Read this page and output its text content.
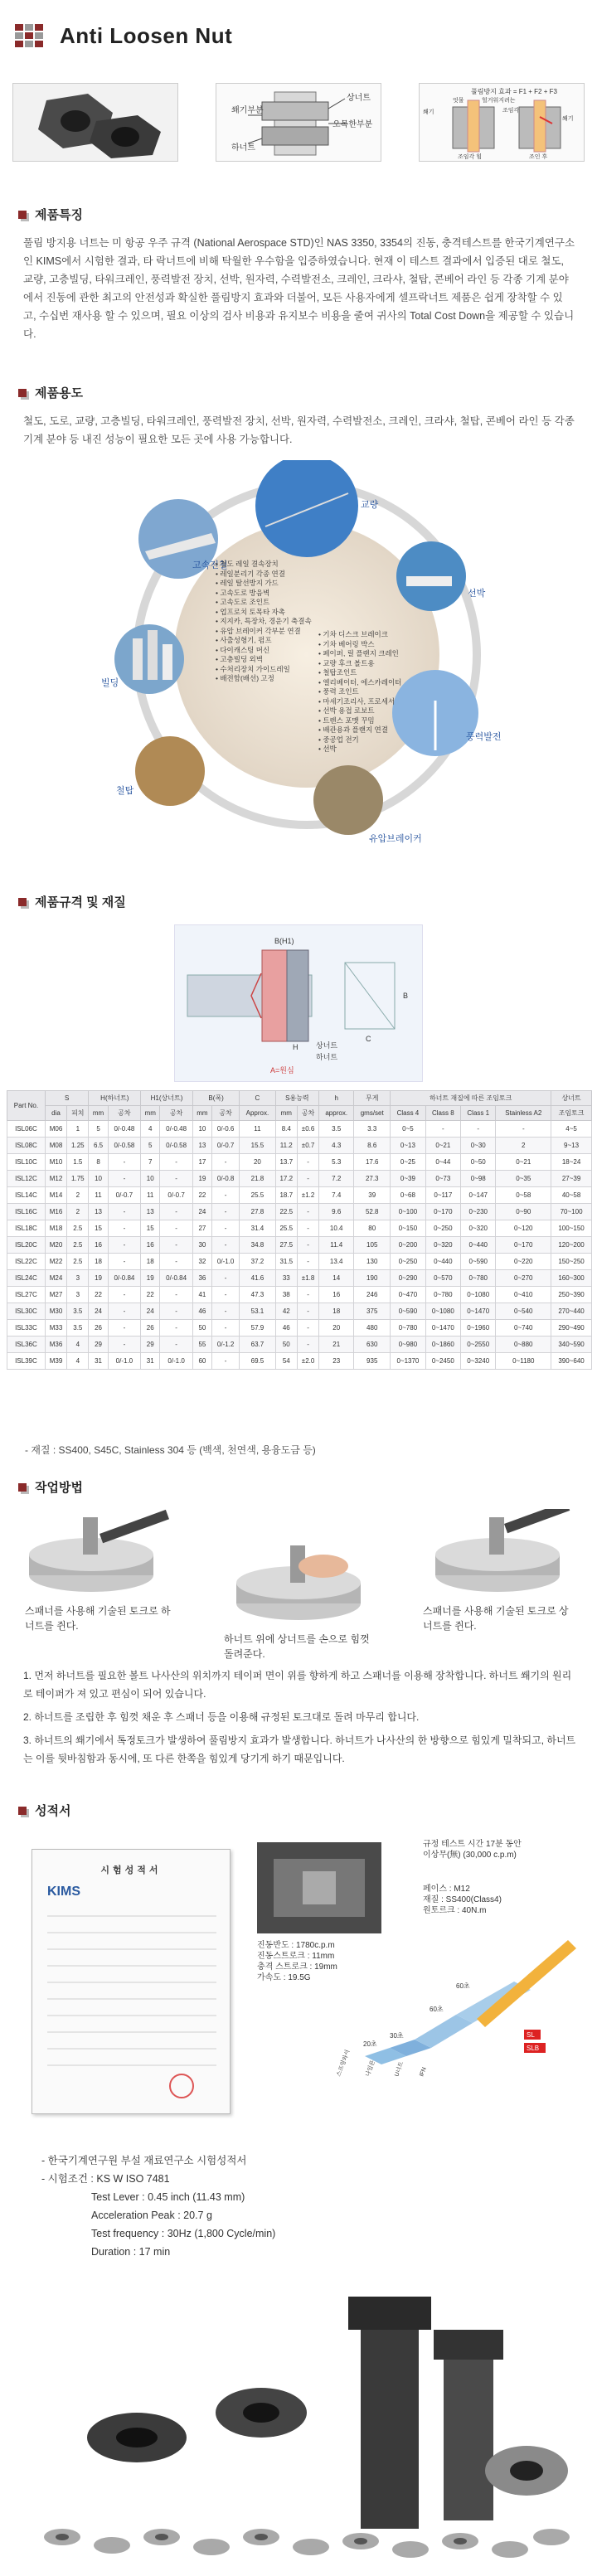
Anti Loosen Nut
상너트
쐐기부분
오목한부분
하너트
풀림방지 효과 = F1 + F2 + F3
쐐기
엇물	헐거워지려는
조임각
쐐기
조임각 힘	조인 후
제품특징
풀림 방지용 너트는 미 항공 우주 규격 (National Aerospace STD)인 NAS 3350, 3354의 진동, 충격테스트를 한국기계연구소인 KIMS에서 시험한 결과, 타 락너트에 비해 탁월한 우수함을 입증하였습니다. 현재 이 테스트 결과에서 입증된 대로 철도, 교량, 고층빌딩, 타워크레인, 풍력발전 장치, 선박, 원자력, 수력발전소, 크레인, 크라샤, 철탑, 콘베어 라인 등 각종 기계 분야에서 진동에 관한 최고의 안전성과 확실한 풀림방지 효과와 더불어, 모든 사용자에게 셀프락너트 제품은 쉽게 장착할 수 있고, 수십번 재사용 할 수 있으며, 필요 이상의 검사 비용과 유지보수 비용을 줄여 귀사의 Total Cost Down을 제공할 수 있습니다.
제품용도
철도, 도로, 교량, 고층빌딩, 타워크레인, 풍력발전 장치, 선박, 원자력, 수력발전소, 크레인, 크라샤, 철탑, 콘베어 라인 등 각종 기계 분야 등 내진 성능이 필요한 모든 곳에 사용 가능합니다.
고속전철
교량
선박
풍력발전
유압브레이커
철탑
빌딩
• 철도 레일 결속장치
• 레일분리기 각종 연결
• 레일 탈선방지 가드
• 고속도로 방음벽
• 고속도로 조인트
• 업프로치 토목타 자촉
• 지지카, 특장차, 경운기 축결속
• 유압 브레이커 각부분 연결
• 사출성형기, 펌프
• 다이캐스팅 머신
• 고층빌딩 외벽
• 수처리장치 가이드레일
• 배전함(배선) 고정
• 기차 디스크 브레이크
• 기차 베어링 박스
• 페이퍼, 릴 플랜지 크레인
• 교량 후크 볼트용
• 철탑조인트
• 엘리베이터, 에스카레이터
• 풍력 조인트
• 마세기조리사, 프로세서
• 선박 용접 로보트
• 트렌스 포맷 꾸밈
• 배관용과 플랜지 연결
• 중공업 전기
• 선박
제품규격 및 재질
B(H1)
H
B
C
상너트
하너트
A=원심
Part No.	S		H(하너트)		H1(상너트)		B(폭)		C	S용능력		h	무게	하너트 재질에 따른 조임토크				상너트
	dia	피치	mm	공차	mm	공차	mm	공차	Approx.	mm	공차	approx.	gms/set	Class 4	Class 8	Class 1	Stainless A2	조임토크
ISL06C	M06	1	5	0/-0.48	4	0/-0.48	10	0/-0.6	11	8.4	±0.6	3.5	3.3	0~5	-	-	-	4~5
ISL08C	M08	1.25	6.5	0/-0.58	5	0/-0.58	13	0/-0.7	15.5	11.2	±0.7	4.3	8.6	0~13	0~21	0~30	2	9~13
ISL10C	M10	1.5	8	-	7	-	17	-	20	13.7	-	5.3	17.6	0~25	0~44	0~50	0~21	18~24
ISL12C	M12	1.75	10	-	10	-	19	0/-0.8	21.8	17.2	-	7.2	27.3	0~39	0~73	0~98	0~35	27~39
ISL14C	M14	2	11	0/-0.7	11	0/-0.7	22	-	25.5	18.7	±1.2	7.4	39	0~68	0~117	0~147	0~58	40~58
ISL16C	M16	2	13	-	13	-	24	-	27.8	22.5	-	9.6	52.8	0~100	0~170	0~230	0~90	70~100
ISL18C	M18	2.5	15	-	15	-	27	-	31.4	25.5	-	10.4	80	0~150	0~250	0~320	0~120	100~150
ISL20C	M20	2.5	16	-	16	-	30	-	34.8	27.5	-	11.4	105	0~200	0~320	0~440	0~170	120~200
ISL22C	M22	2.5	18	-	18	-	32	0/-1.0	37.2	31.5	-	13.4	130	0~250	0~440	0~590	0~220	150~250
ISL24C	M24	3	19	0/-0.84	19	0/-0.84	36	-	41.6	33	±1.8	14	190	0~290	0~570	0~780	0~270	160~300
ISL27C	M27	3	22	-	22	-	41	-	47.3	38	-	16	246	0~470	0~780	0~1080	0~410	250~390
ISL30C	M30	3.5	24	-	24	-	46	-	53.1	42	-	18	375	0~590	0~1080	0~1470	0~540	270~440
ISL33C	M33	3.5	26	-	26	-	50	-	57.9	46	-	20	480	0~780	0~1470	0~1960	0~740	290~490
ISL36C	M36	4	29	-	29	-	55	0/-1.2	63.7	50	-	21	630	0~980	0~1860	0~2550	0~880	340~590
ISL39C	M39	4	31	0/-1.0	31	0/-1.0	60	-	69.5	54	±2.0	23	935	0~1370	0~2450	0~3240	0~1180	390~640
- 재질 : SS400, S45C, Stainless 304 등 (백색, 천연색, 용융도금 등)
작업방법
스패너를 사용해 기술된 토크로 하너트를 쥔다.
하너트 위에 상너트를 손으로 힘껏 돌려준다.
스패너를 사용해 기술된 토크로 상너트를 쥔다.
1. 먼저 하너트를 필요한 볼트 나사산의 위치까지 테이퍼 면이 위를 향하게 하고 스패너를 이용해 장착합니다. 하너트 쐐기의 원리로 테이퍼가 져 있고 편심이 되어 있습니다.
2. 하너트를 조립한 후 힘껏 채운 후 스패너 등을 이용해 규정된 토크대로 돌려 마무리 합니다.
3. 하너트의 쐐기에서 톡정토크가 발생하여 풀림방지 효과가 발생합니다. 하너트가 나사산의 한 방향으로 힘있게 밀착되고, 하너트는 이를 뒷바침함과 동시에, 또 다른 한쪽을 힘있게 당기게 하기 때문입니다.
성적서
시험성적서
KIMS
규정 테스트 시간 17분 동안 이상무(無) (30,000 c.p.m)
페이스 : M12
재질 : SS400(Class4)
원토르크 : 40N.m
진동반도 : 1780c.p.m
진동스트로크 : 11mm
충격 스트로크 : 19mm
가속도 : 19.5G
SL
SLB
20초
30초
60초
60초
스프링와셔 나일론	U너트 IFN
- 한국기계연구원 부설 재료연구소 시험성적서
- 시험조건 : KS W ISO 7481
Test Lever : 0.45 inch (11.43 mm)
Acceleration Peak : 20.7 g
Test frequency : 30Hz (1,800 Cycle/min)
Duration : 17 min
